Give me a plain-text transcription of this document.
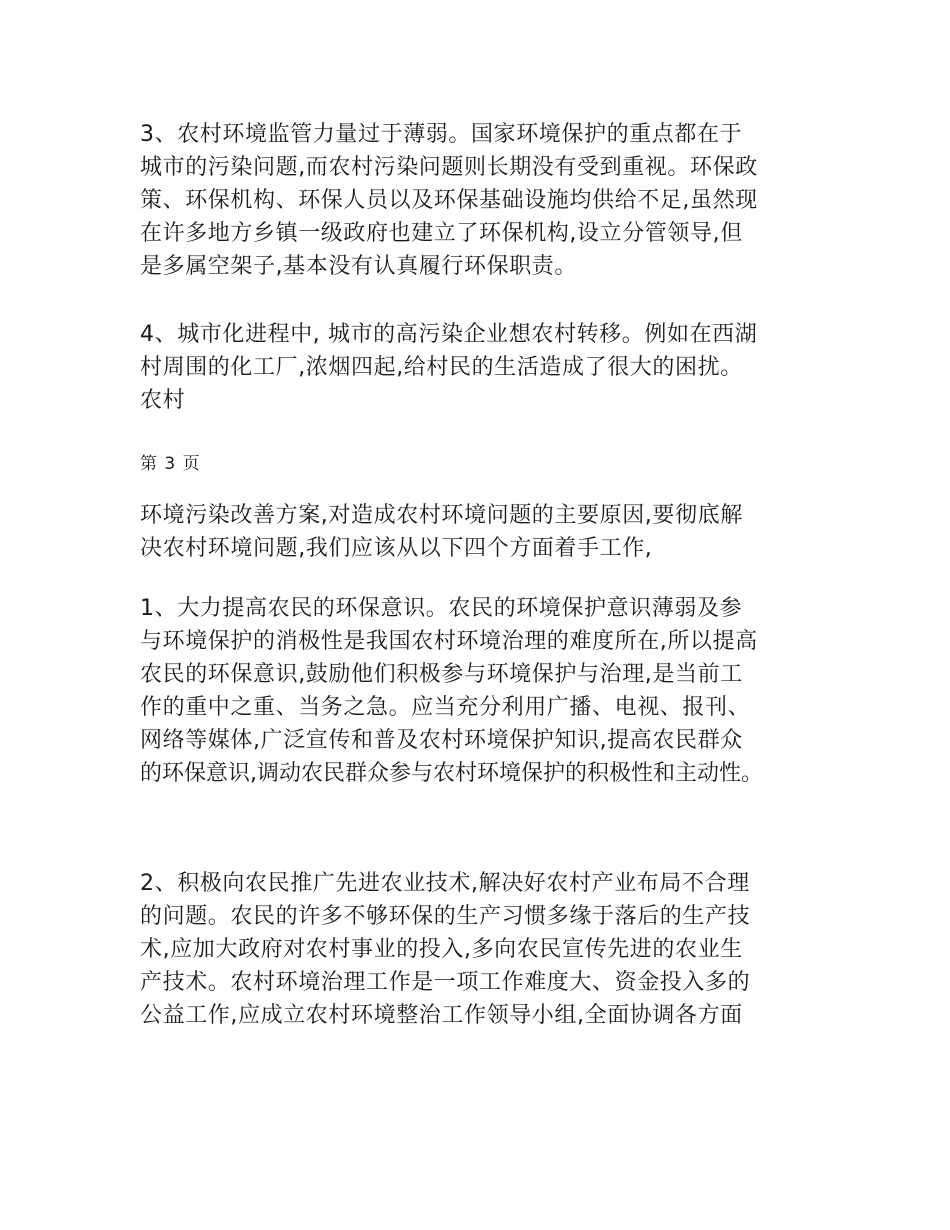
3、农村环境监管力量过于薄弱。国家环境保护的重点都在于
城市的污染问题,而农村污染问题则长期没有受到重视。环保政
策、环保机构、环保人员以及环保基础设施均供给不足,虽然现
在许多地方乡镇一级政府也建立了环保机构,设立分管领导,但
是多属空架子,基本没有认真履行环保职责。
4、城市化进程中, 城市的高污染企业想农村转移。例如在西湖
村周围的化工厂,浓烟四起,给村民的生活造成了很大的困扰。
农村
第 3 页
环境污染改善方案,对造成农村环境问题的主要原因,要彻底解
决农村环境问题,我们应该从以下四个方面着手工作,
1、大力提高农民的环保意识。农民的环境保护意识薄弱及参
与环境保护的消极性是我国农村环境治理的难度所在,所以提高
农民的环保意识,鼓励他们积极参与环境保护与治理,是当前工
作的重中之重、当务之急。应当充分利用广播、电视、报刊、
网络等媒体,广泛宣传和普及农村环境保护知识,提高农民群众
的环保意识,调动农民群众参与农村环境保护的积极性和主动性。
2、积极向农民推广先进农业技术,解决好农村产业布局不合理
的问题。农民的许多不够环保的生产习惯多缘于落后的生产技
术,应加大政府对农村事业的投入,多向农民宣传先进的农业生
产技术。农村环境治理工作是一项工作难度大、资金投入多的
公益工作,应成立农村环境整治工作领导小组,全面协调各方面
